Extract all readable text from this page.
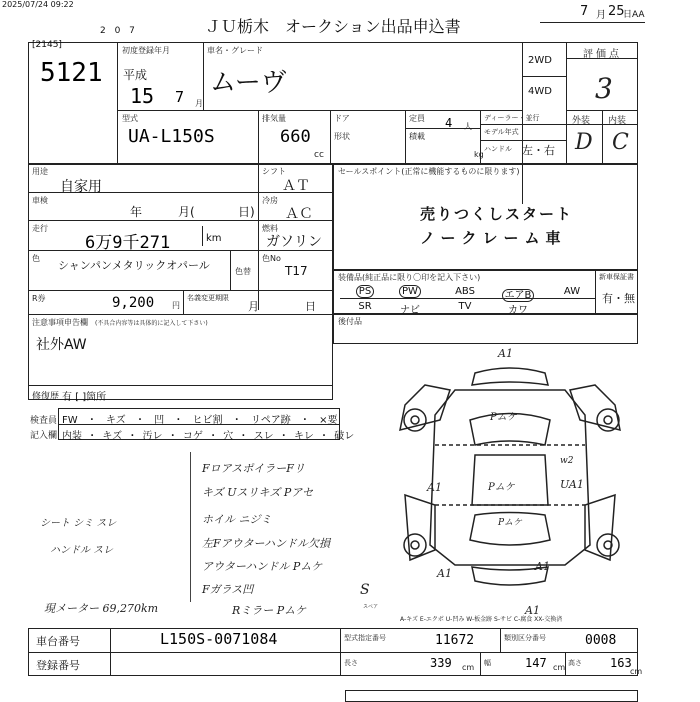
2025/07/24 09:22
2 0 7	ＪＵ栃木　オークション出品申込書
7 月 25
日AA
[2145]
5121
初度登録年月
平成
15 7 月
車名・グレード
ムーヴ
2WD
4WD
評価点
3
型式
UA-L150S
排気量
660
cc
ドア
形状
定員 4 人
積載
kg
ディーラー・並行
モデル年式
ハンドル 左・右
外装 内装
D C
用途
自家用
シフト
ＡＴ
車検
年	月(	日)
冷房
ＡＣ
走行
6万9千271	km
燃料
ガソリン
色
シャンパンメタリックオパール	色替
色No
T17
R券	9,200 円
名義変更期限
月	日
注意事項申告欄 (不具合内容等は具体的に記入して下さい)
社外AW
修復歴 有 [ ]箇所
セールスポイント(正常に機能するものに限ります)
売りつくしスタート
ノークレーム車
装備品(純正品に限り〇印を記入下さい)	新車保証書
有・無
PS	PW	ABS	エアB	AW
SR	ナビ	TV	カワ
後付品
検査員
記入欄
FW ・ キズ ・ 凹 ・ ヒビ割 ・ リペア跡 ・ ×要
内装 ・ キズ ・ 汚レ ・ コゲ ・ 穴 ・ スレ ・ キレ ・ 破レ
シート シミ スレ
ハンドル スレ
現メーター 69,270km
FロアスポイラーFリ
キズ Uスリキズ Pアセ
ホイル ニジミ
左Fアウターハンドル欠損
アウターハンドル Pムケ
Fガラス凹
Rミラー Pムケ
A1
A1
A1
UA1
A1
A1
Pムケ
Pムケ
Pムケ
w2
S
スペア
A-キズ E-エクボ U-凹み W-板金跡 S-サビ C-腐食 XX-交換済
車台番号	L150S-0071084
登録番号
型式指定番号	11672	類別区分番号	0008
長さ	339 cm 幅	147 cm 高さ 163
cm
